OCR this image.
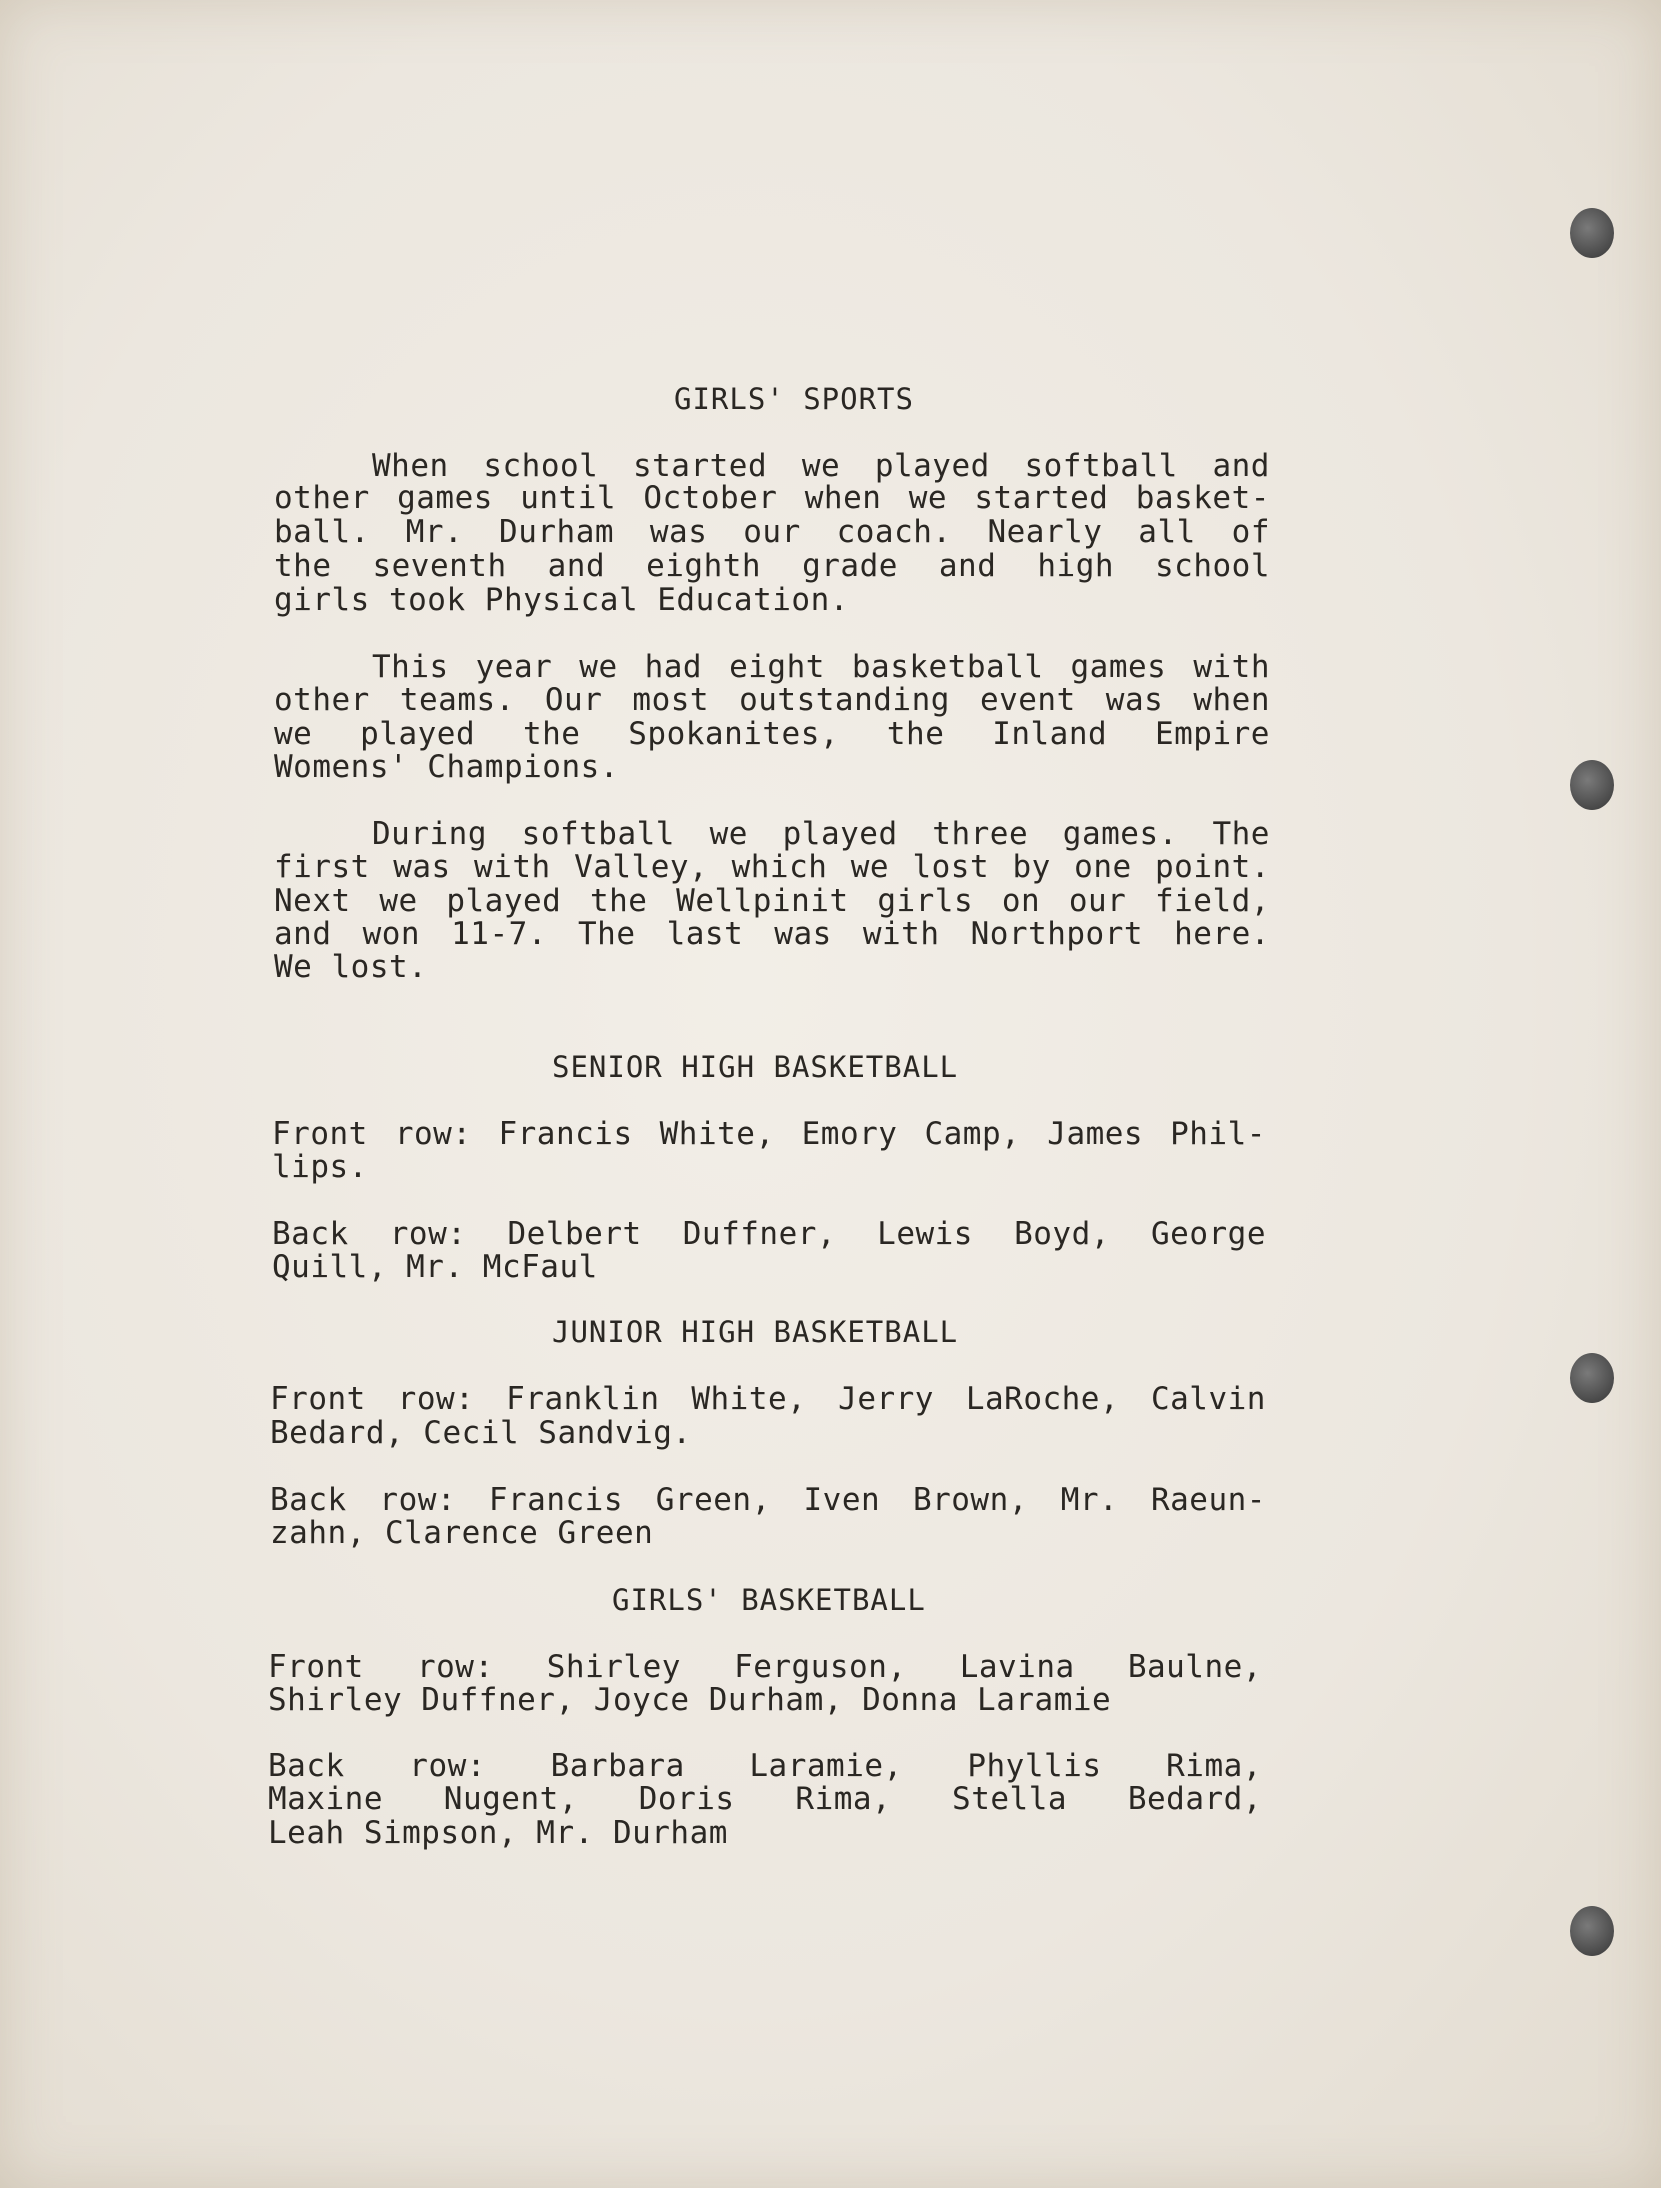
GIRLS' SPORTS
When school started we played softball and
other games until October when we started basket-
ball. Mr. Durham was our coach. Nearly all of
the seventh and eighth grade and high school
girls took Physical Education.
This year we had eight basketball games with
other teams. Our most outstanding event was when
we played the Spokanites, the Inland Empire
Womens' Champions.
During softball we played three games. The
first was with Valley, which we lost by one point.
Next we played the Wellpinit girls on our field,
and won 11-7. The last was with Northport here.
We lost.
SENIOR HIGH BASKETBALL
Front row: Francis White, Emory Camp, James Phil-
lips.
Back row: Delbert Duffner, Lewis Boyd, George
Quill, Mr. McFaul
JUNIOR HIGH BASKETBALL
Front row: Franklin White, Jerry LaRoche, Calvin
Bedard, Cecil Sandvig.
Back row: Francis Green, Iven Brown, Mr. Raeun-
zahn, Clarence Green
GIRLS' BASKETBALL
Front row: Shirley Ferguson, Lavina Baulne,
Shirley Duffner, Joyce Durham, Donna Laramie
Back row: Barbara Laramie, Phyllis Rima,
Maxine Nugent, Doris Rima, Stella Bedard,
Leah Simpson, Mr. Durham
